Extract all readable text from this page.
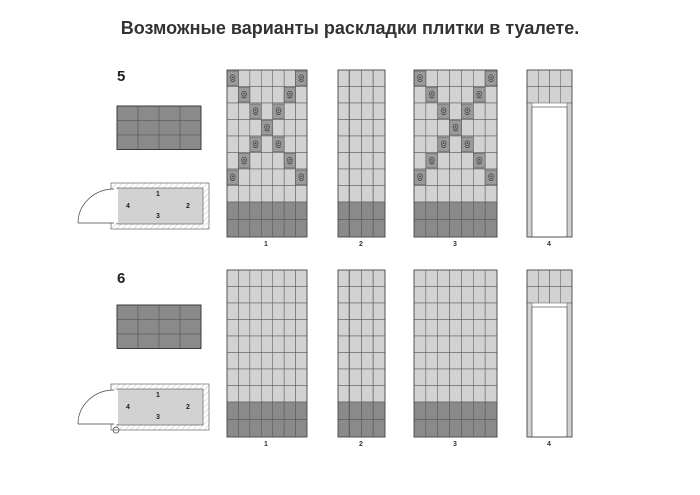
Возможные варианты раскладки плитки в туалете.
5
1
4	2
3
1	2	3	4
6
1
4	2
3
1	2	3	4
